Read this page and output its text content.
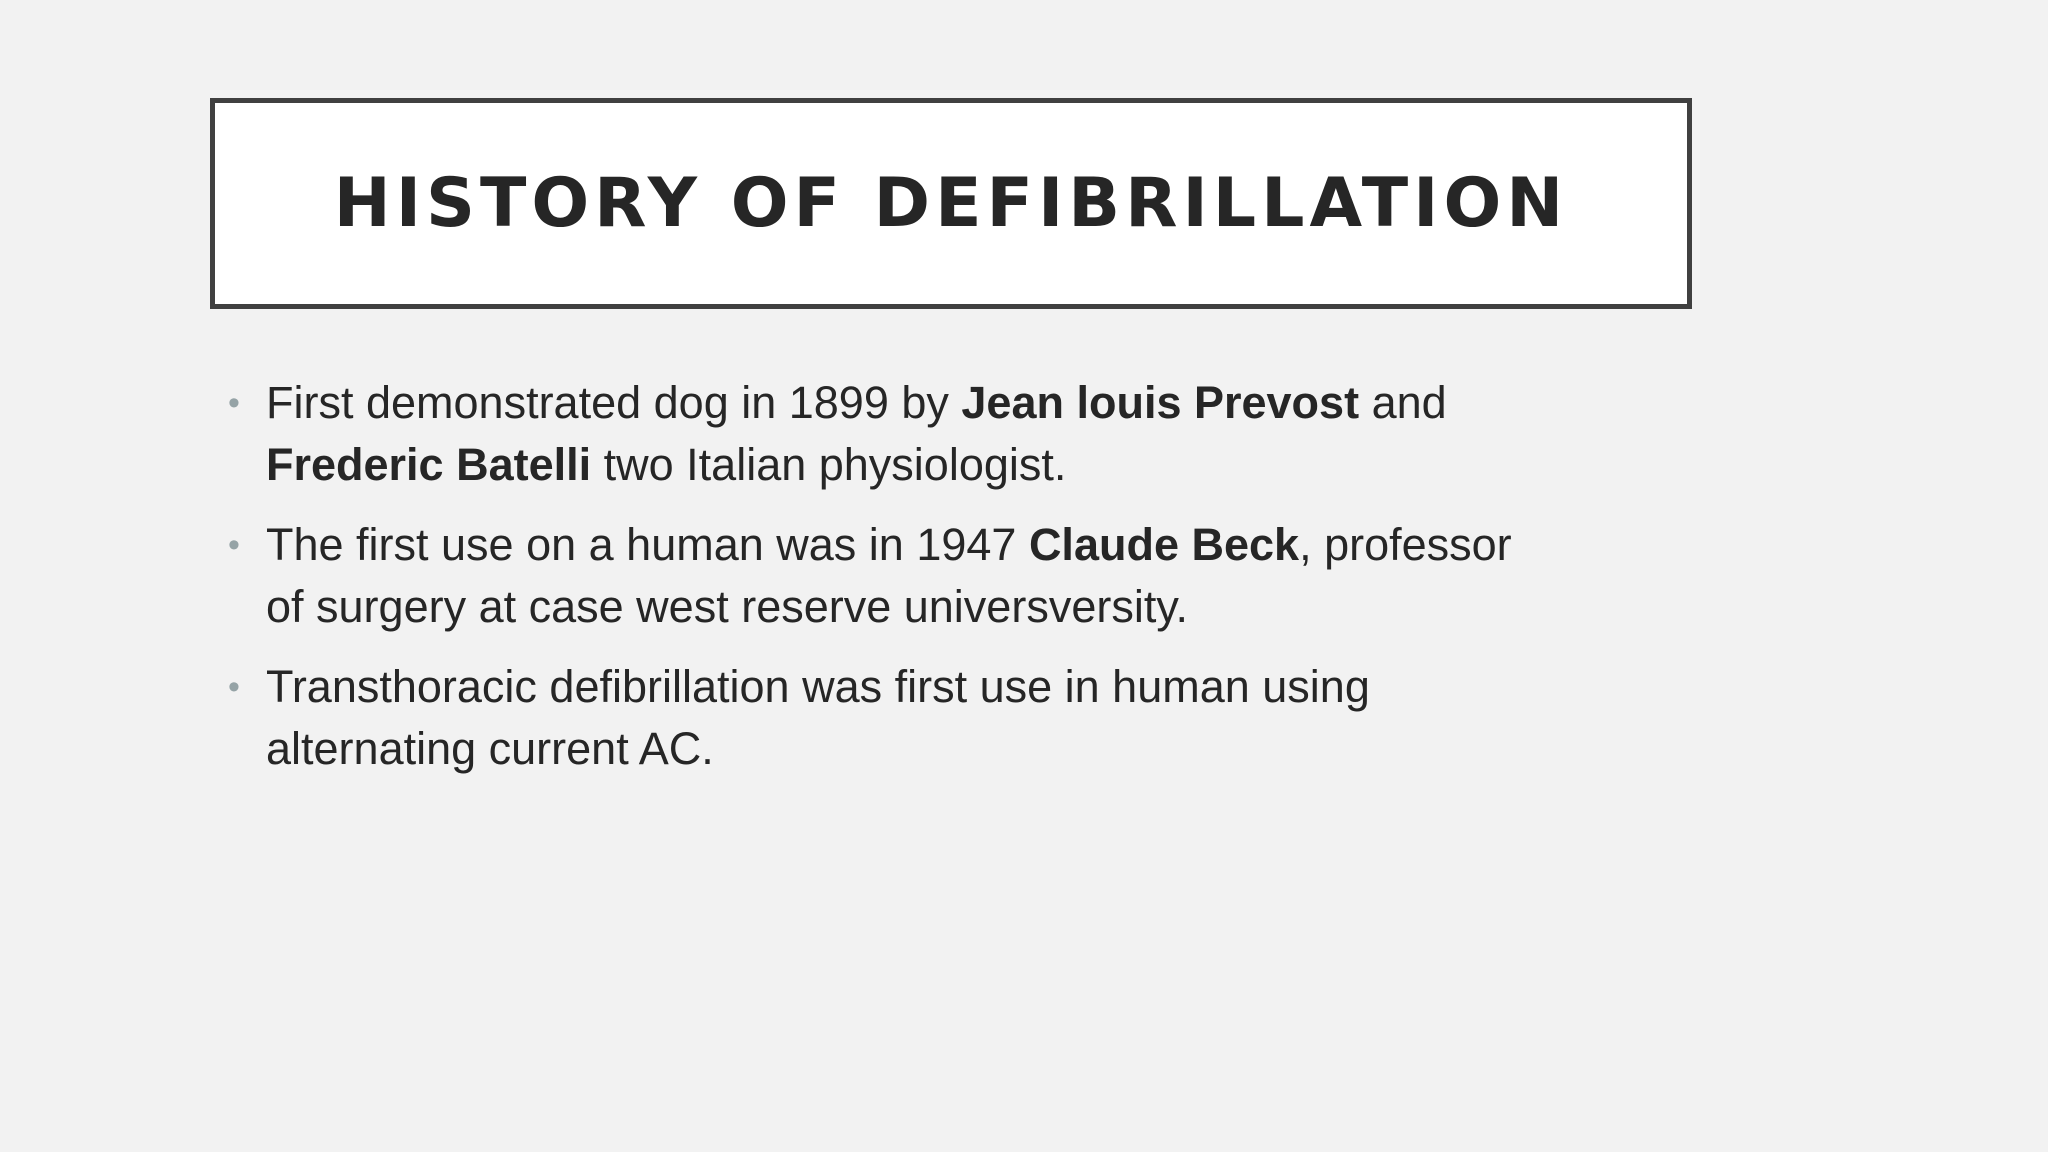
HISTORY OF DEFIBRILLATION
• First demonstrated dog in 1899 by Jean louis Prevost and Frederic Batelli two Italian physiologist.
• The first use on a human was in 1947 Claude Beck, professor of surgery at case west reserve universversity.
• Transthoracic defibrillation was first use in human using alternating current AC.
